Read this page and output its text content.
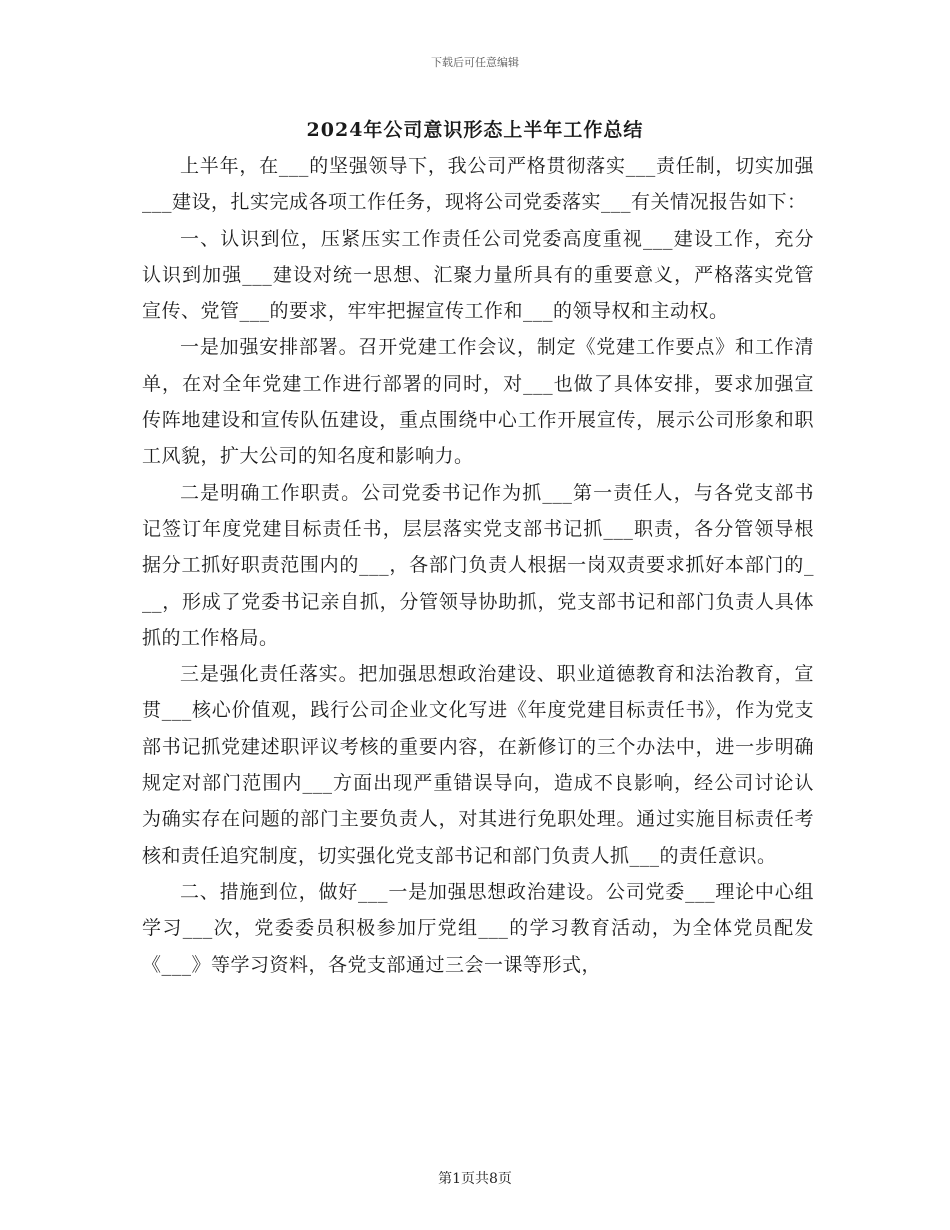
下载后可任意编辑
2024年公司意识形态上半年工作总结

上半年，在___的坚强领导下，我公司严格贯彻落实___责任制，切实加强___建设，扎实完成各项工作任务，现将公司党委落实___有关情况报告如下：

一、认识到位，压紧压实工作责任公司党委高度重视___建设工作，充分认识到加强___建设对统一思想、汇聚力量所具有的重要意义，严格落实党管宣传、党管___的要求，牢牢把握宣传工作和___的领导权和主动权。

一是加强安排部署。召开党建工作会议，制定《党建工作要点》和工作清单，在对全年党建工作进行部署的同时，对___也做了具体安排，要求加强宣传阵地建设和宣传队伍建设，重点围绕中心工作开展宣传，展示公司形象和职工风貌，扩大公司的知名度和影响力。

二是明确工作职责。公司党委书记作为抓___第一责任人，与各党支部书记签订年度党建目标责任书，层层落实党支部书记抓___职责，各分管领导根据分工抓好职责范围内的___，各部门负责人根据一岗双责要求抓好本部门的___，形成了党委书记亲自抓，分管领导协助抓，党支部书记和部门负责人具体抓的工作格局。

三是强化责任落实。把加强思想政治建设、职业道德教育和法治教育，宣贯___核心价值观，践行公司企业文化写进《年度党建目标责任书》，作为党支部书记抓党建述职评议考核的重要内容，在新修订的三个办法中，进一步明确规定对部门范围内___方面出现严重错误导向，造成不良影响，经公司讨论认为确实存在问题的部门主要负责人，对其进行免职处理。通过实施目标责任考核和责任追究制度，切实强化党支部书记和部门负责人抓___的责任意识。

二、措施到位，做好___一是加强思想政治建设。公司党委___理论中心组学习___次，党委委员积极参加厅党组___的学习教育活动，为全体党员配发《___》等学习资料，各党支部通过三会一课等形式，

第1页共8页
